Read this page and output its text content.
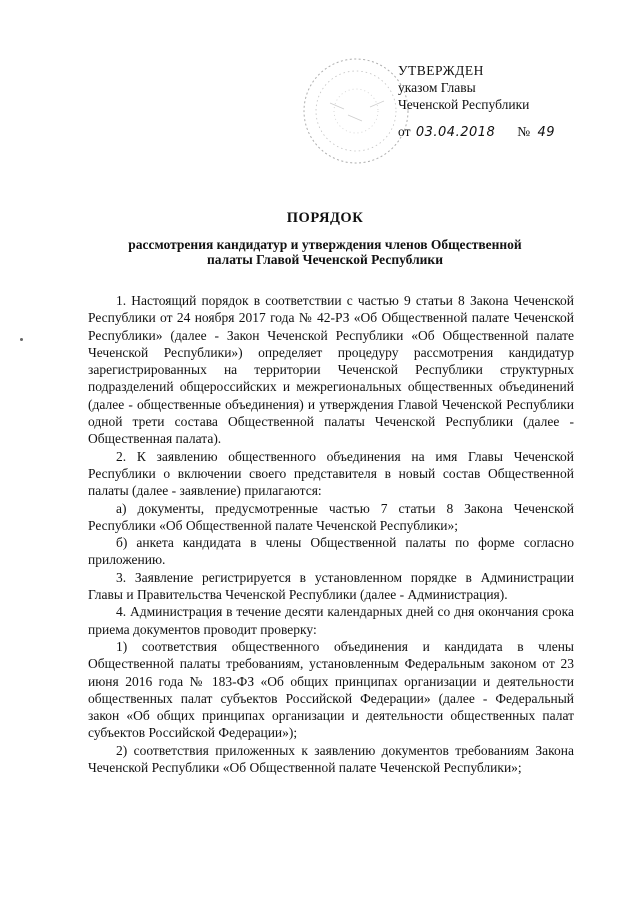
УТВЕРЖДЕН
указом Главы
Чеченской Республики
от 03.04.2018 № 49
ПОРЯДОК
рассмотрения кандидатур и утверждения членов Общественной палаты Главой Чеченской Республики

1. Настоящий порядок в соответствии с частью 9 статьи 8 Закона Чеченской Республики от 24 ноября 2017 года № 42-РЗ «Об Общественной палате Чеченской Республики» (далее - Закон Чеченской Республики «Об Общественной палате Чеченской Республики») определяет процедуру рассмотрения кандидатур зарегистрированных на территории Чеченской Республики структурных подразделений общероссийских и межрегиональных общественных объединений (далее - общественные объединения) и утверждения Главой Чеченской Республики одной трети состава Общественной палаты Чеченской Республики (далее - Общественная палата).

2. К заявлению общественного объединения на имя Главы Чеченской Республики о включении своего представителя в новый состав Общественной палаты (далее - заявление) прилагаются:

а) документы, предусмотренные частью 7 статьи 8 Закона Чеченской Республики «Об Общественной палате Чеченской Республики»;

б) анкета кандидата в члены Общественной палаты по форме согласно приложению.

3. Заявление регистрируется в установленном порядке в Администрации Главы и Правительства Чеченской Республики (далее - Администрация).

4. Администрация в течение десяти календарных дней со дня окончания срока приема документов проводит проверку:

1) соответствия общественного объединения и кандидата в члены Общественной палаты требованиям, установленным Федеральным законом от 23 июня 2016 года № 183-ФЗ «Об общих принципах организации и деятельности общественных палат субъектов Российской Федерации» (далее - Федеральный закон «Об общих принципах организации и деятельности общественных палат субъектов Российской Федерации»);

2) соответствия приложенных к заявлению документов требованиям Закона Чеченской Республики «Об Общественной палате Чеченской Республики»;
